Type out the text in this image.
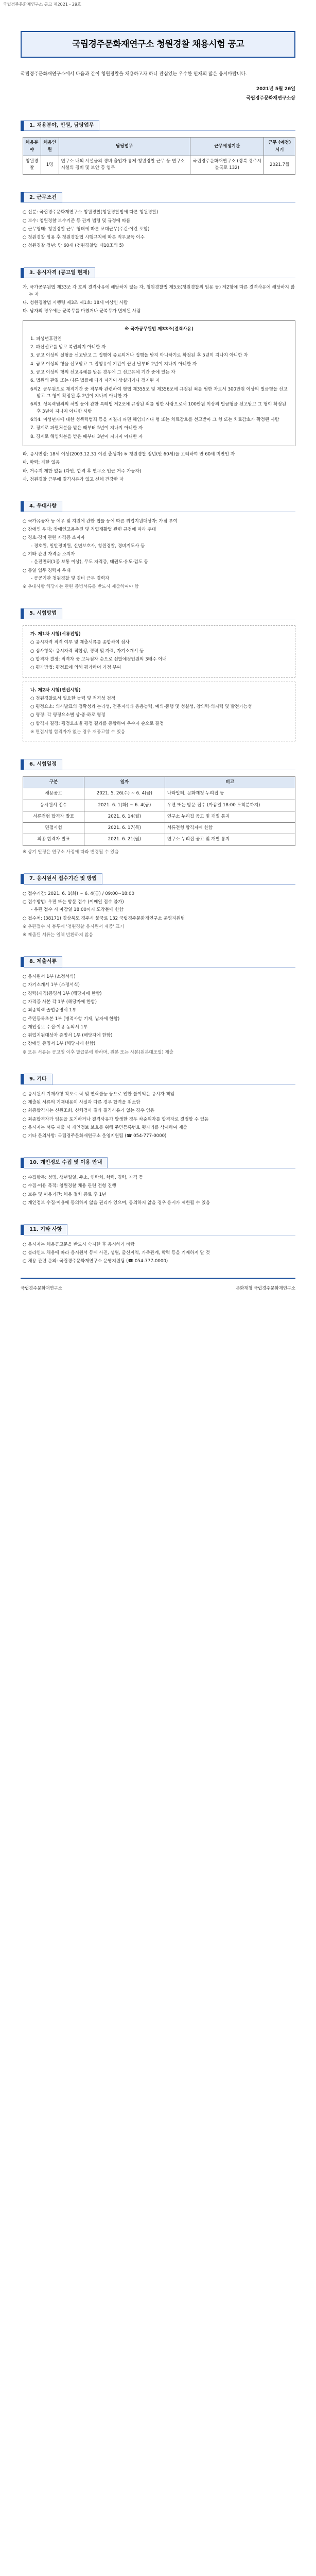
국립경주문화재연구소 공고 제2021 - 29호
국립경주문화재연구소 청원경찰 채용시험 공고

국립경주문화재연구소에서 다음과 같이 청원경찰을 채용하고자 하니 관심있는 우수한 인재의 많은 응시바랍니다.

2021년 5월 26일

국립경주문화재연구소장

1. 채용분야, 인원, 담당업무
채용분야	채용인원	담당업무	근무예정기관	근무 (예정)시기
청원경찰	1명	연구소 내외 시설물의 경비·출입자 통제·청원경찰 근무 등 연구소 시설의 경비 및 보안 등 업무	국립경주문화재연구소 (경북 경주시 불국로 132)	2021.7월
2. 근무조건

○ 신분: 국립경주문화재연구소 청원경찰(청원경찰법에 따른 청원경찰)

○ 보수: 청원경찰 보수기준 등 관계 법령 및 규정에 따름

○ 근무형태: 청원경찰 근무 형태에 따른 교대근무(주간·야간 포함)

○ 청원경찰 임용 후 청원경찰법 시행규칙에 따른 직무교육 이수

○ 청원경찰 정년: 만 60세 (청원경찰법 제10조의 5)

3. 응시자격 (공고일 현재)

가. 국가공무원법 제33조 각 호의 결격사유에 해당하지 않는 자, 청원경찰법 제5조(청원경찰의 임용 등) 제2항에 따른 결격사유에 해당하지 않는 자

나. 청원경찰법 시행령 제3조 제1호: 18세 이상인 사람

다. 남자의 경우에는 군복무를 마쳤거나 군복무가 면제된 사람

※ 국가공무원법 제33조(결격사유)

1. 피성년후견인

2. 파산선고를 받고 복권되지 아니한 자

3. 금고 이상의 실형을 선고받고 그 집행이 종료되거나 집행을 받지 아니하기로 확정된 후 5년이 지나지 아니한 자

4. 금고 이상의 형을 선고받고 그 집행유예 기간이 끝난 날부터 2년이 지나지 아니한 자

5. 금고 이상의 형의 선고유예를 받은 경우에 그 선고유예 기간 중에 있는 자

6. 법원의 판결 또는 다른 법률에 따라 자격이 상실되거나 정지된 자

6의2. 공무원으로 재직기간 중 직무와 관련하여 형법 제355조 및 제356조에 규정된 죄를 범한 자로서 300만원 이상의 벌금형을 선고받고 그 형이 확정된 후 2년이 지나지 아니한 자

6의3. 성폭력범죄의 처벌 등에 관한 특례법 제2조에 규정된 죄를 범한 사람으로서 100만원 이상의 벌금형을 선고받고 그 형이 확정된 후 3년이 지나지 아니한 사람

6의4. 미성년자에 대한 성폭력범죄 등을 저질러 파면·해임되거나 형 또는 치료감호를 선고받아 그 형 또는 치료감호가 확정된 사람

7. 징계로 파면처분을 받은 때부터 5년이 지나지 아니한 자

8. 징계로 해임처분을 받은 때부터 3년이 지나지 아니한 자

라. 응시연령: 18세 이상(2003.12.31 이전 출생자) ※ 청원경찰 정년(만 60세)을 고려하여 만 60세 미만인 자

마. 학력: 제한 없음

바. 거주지 제한 없음 (다만, 합격 후 연구소 인근 거주 가능자)

사. 청원경찰 근무에 결격사유가 없고 신체 건강한 자

4. 우대사항

○ 국가유공자 등 예우 및 지원에 관한 법률 등에 따른 취업지원대상자: 가점 부여

○ 장애인 우대: 장애인고용촉진 및 직업재활법 관련 규정에 따라 우대

○ 경호·경비 관련 자격증 소지자

- 경호원, 일반경비원, 신변보호사, 청원경찰, 경비지도사 등

○ 기타 관련 자격증 소지자

- 운전면허(1종 보통 이상), 무도 자격증, 태권도·유도·검도 등

○ 동일 업무 경력자 우대

- 공공기관 청원경찰 및 경비 근무 경력자

※ 우대사항 해당자는 관련 증빙서류를 반드시 제출하여야 함

5. 시험방법
가. 제1차 시험(서류전형)

○ 응시자격 적격 여부 및 제출서류를 종합하여 심사

○ 심사항목: 응시자격 적합성, 경력 및 자격, 자기소개서 등

○ 합격자 결정: 적격자 중 고득점자 순으로 선발예정인원의 3배수 이내

○ 평가방법: 평정표에 의해 평가하며 가점 부여

나. 제2차 시험(면접시험)

○ 청원경찰로서 필요한 능력 및 적격성 검정

○ 평정요소: 의사발표의 정확성과 논리성, 전문지식과 응용능력, 예의·품행 및 성실성, 창의력·의지력 및 발전가능성

○ 평정: 각 평정요소별 상·중·하로 평정

○ 합격자 결정: 평정요소별 평정 결과를 종합하여 우수자 순으로 결정

※ 면접시험 합격자가 없는 경우 재공고할 수 있음

6. 시험일정
구분	일자	비고
채용공고	2021. 5. 26(수) ~ 6. 4(금)	나라일터, 문화재청 누리집 등
응시원서 접수	2021. 6. 1(화) ~ 6. 4(금)	우편 또는 방문 접수 (마감일 18:00 도착분까지)
서류전형 합격자 발표	2021. 6. 14(월)	연구소 누리집 공고 및 개별 통지
면접시험	2021. 6. 17(목)	서류전형 합격자에 한함
최종 합격자 발표	2021. 6. 21(월)	연구소 누리집 공고 및 개별 통지

※ 상기 일정은 연구소 사정에 따라 변경될 수 있음

7. 응시원서 접수기간 및 방법

○ 접수기간: 2021. 6. 1(화) ~ 6. 4(금) / 09:00~18:00

○ 접수방법: 우편 또는 방문 접수 (이메일 접수 불가)

- 우편 접수 시 마감일 18:00까지 도착분에 한함

○ 접수처: (38171) 경상북도 경주시 불국로 132 국립경주문화재연구소 운영지원팀

※ 우편접수 시 봉투에 '청원경찰 응시원서 재중' 표기

※ 제출된 서류는 일체 반환하지 않음

8. 제출서류

○ 응시원서 1부 (소정서식)

○ 자기소개서 1부 (소정서식)

○ 경력(재직)증명서 1부 (해당자에 한함)

○ 자격증 사본 각 1부 (해당자에 한함)

○ 최종학력 졸업증명서 1부

○ 주민등록초본 1부 (병적사항 기재, 남자에 한함)

○ 개인정보 수집·이용 동의서 1부

○ 취업지원대상자 증명서 1부 (해당자에 한함)

○ 장애인 증명서 1부 (해당자에 한함)

※ 모든 서류는 공고일 이후 발급분에 한하며, 원본 또는 사본(원본대조필) 제출

9. 기타

○ 응시원서 기재사항 착오·누락 및 연락불능 등으로 인한 불이익은 응시자 책임

○ 제출된 서류의 기재내용이 사실과 다른 경우 합격을 취소함

○ 최종합격자는 신원조회, 신체검사 결과 결격사유가 없는 경우 임용

○ 최종합격자가 임용을 포기하거나 결격사유가 발생한 경우 차순위자를 합격자로 결정할 수 있음

○ 응시자는 서류 제출 시 개인정보 보호를 위해 주민등록번호 뒷자리를 삭제하여 제출

○ 기타 문의사항: 국립경주문화재연구소 운영지원팀 (☎ 054-777-0000)

10. 개인정보 수집 및 이용 안내

○ 수집항목: 성명, 생년월일, 주소, 연락처, 학력, 경력, 자격 등

○ 수집·이용 목적: 청원경찰 채용 관련 전형 진행

○ 보유 및 이용기간: 채용 절차 종료 후 1년

○ 개인정보 수집·이용에 동의하지 않을 권리가 있으며, 동의하지 않을 경우 응시가 제한될 수 있음

11. 기타 사항

○ 응시자는 채용공고문을 반드시 숙지한 후 응시하기 바람

○ 블라인드 채용에 따라 응시원서 등에 사진, 성별, 출신지역, 가족관계, 학력 등을 기재하지 말 것

○ 채용 관련 문의: 국립경주문화재연구소 운영지원팀 (☎ 054-777-0000)

국립경주문화재연구소	문화재청 국립경주문화재연구소
